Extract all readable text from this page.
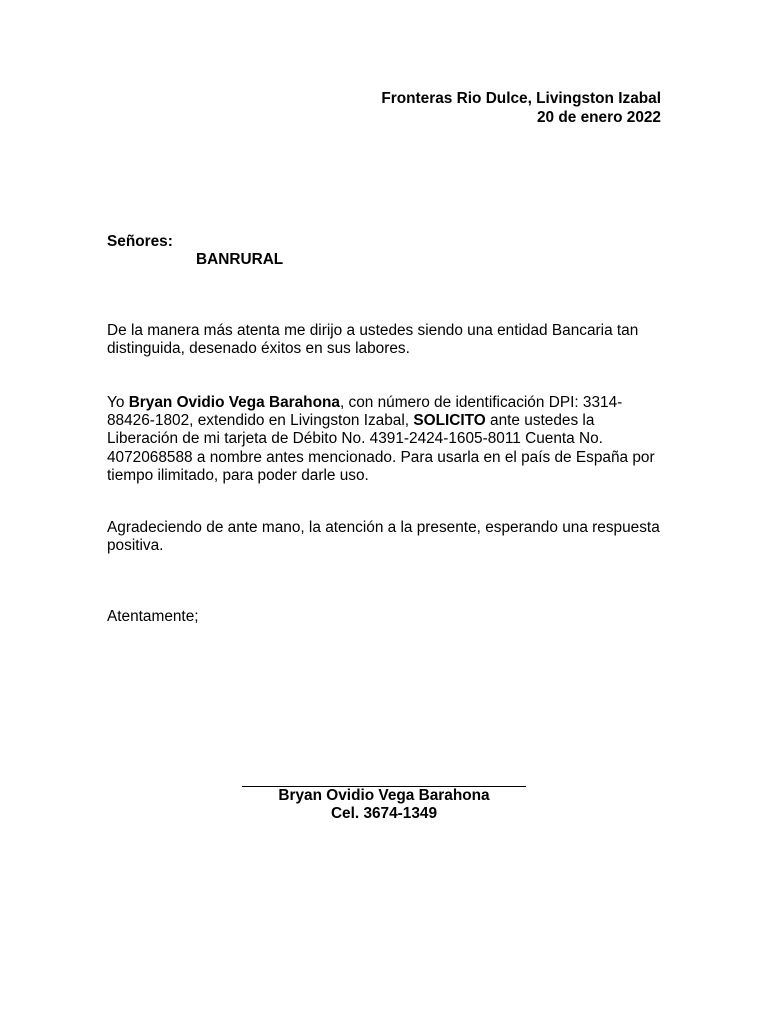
Fronteras Rio Dulce, Livingston Izabal
20 de enero 2022
Señores:
BANRURAL

De la manera más atenta me dirijo a ustedes siendo una entidad Bancaria tan distinguida, desenado éxitos en sus labores.

Yo Bryan Ovidio Vega Barahona, con número de identificación DPI: 3314-88426-1802, extendido en Livingston Izabal, SOLICITO ante ustedes la Liberación de mi tarjeta de Débito No. 4391-2424-1605-8011 Cuenta No. 4072068588 a nombre antes mencionado. Para usarla en el país de España por tiempo ilimitado, para poder darle uso.

Agradeciendo de ante mano, la atención a la presente, esperando una respuesta positiva.

Atentamente;
Bryan Ovidio Vega Barahona
Cel. 3674-1349
